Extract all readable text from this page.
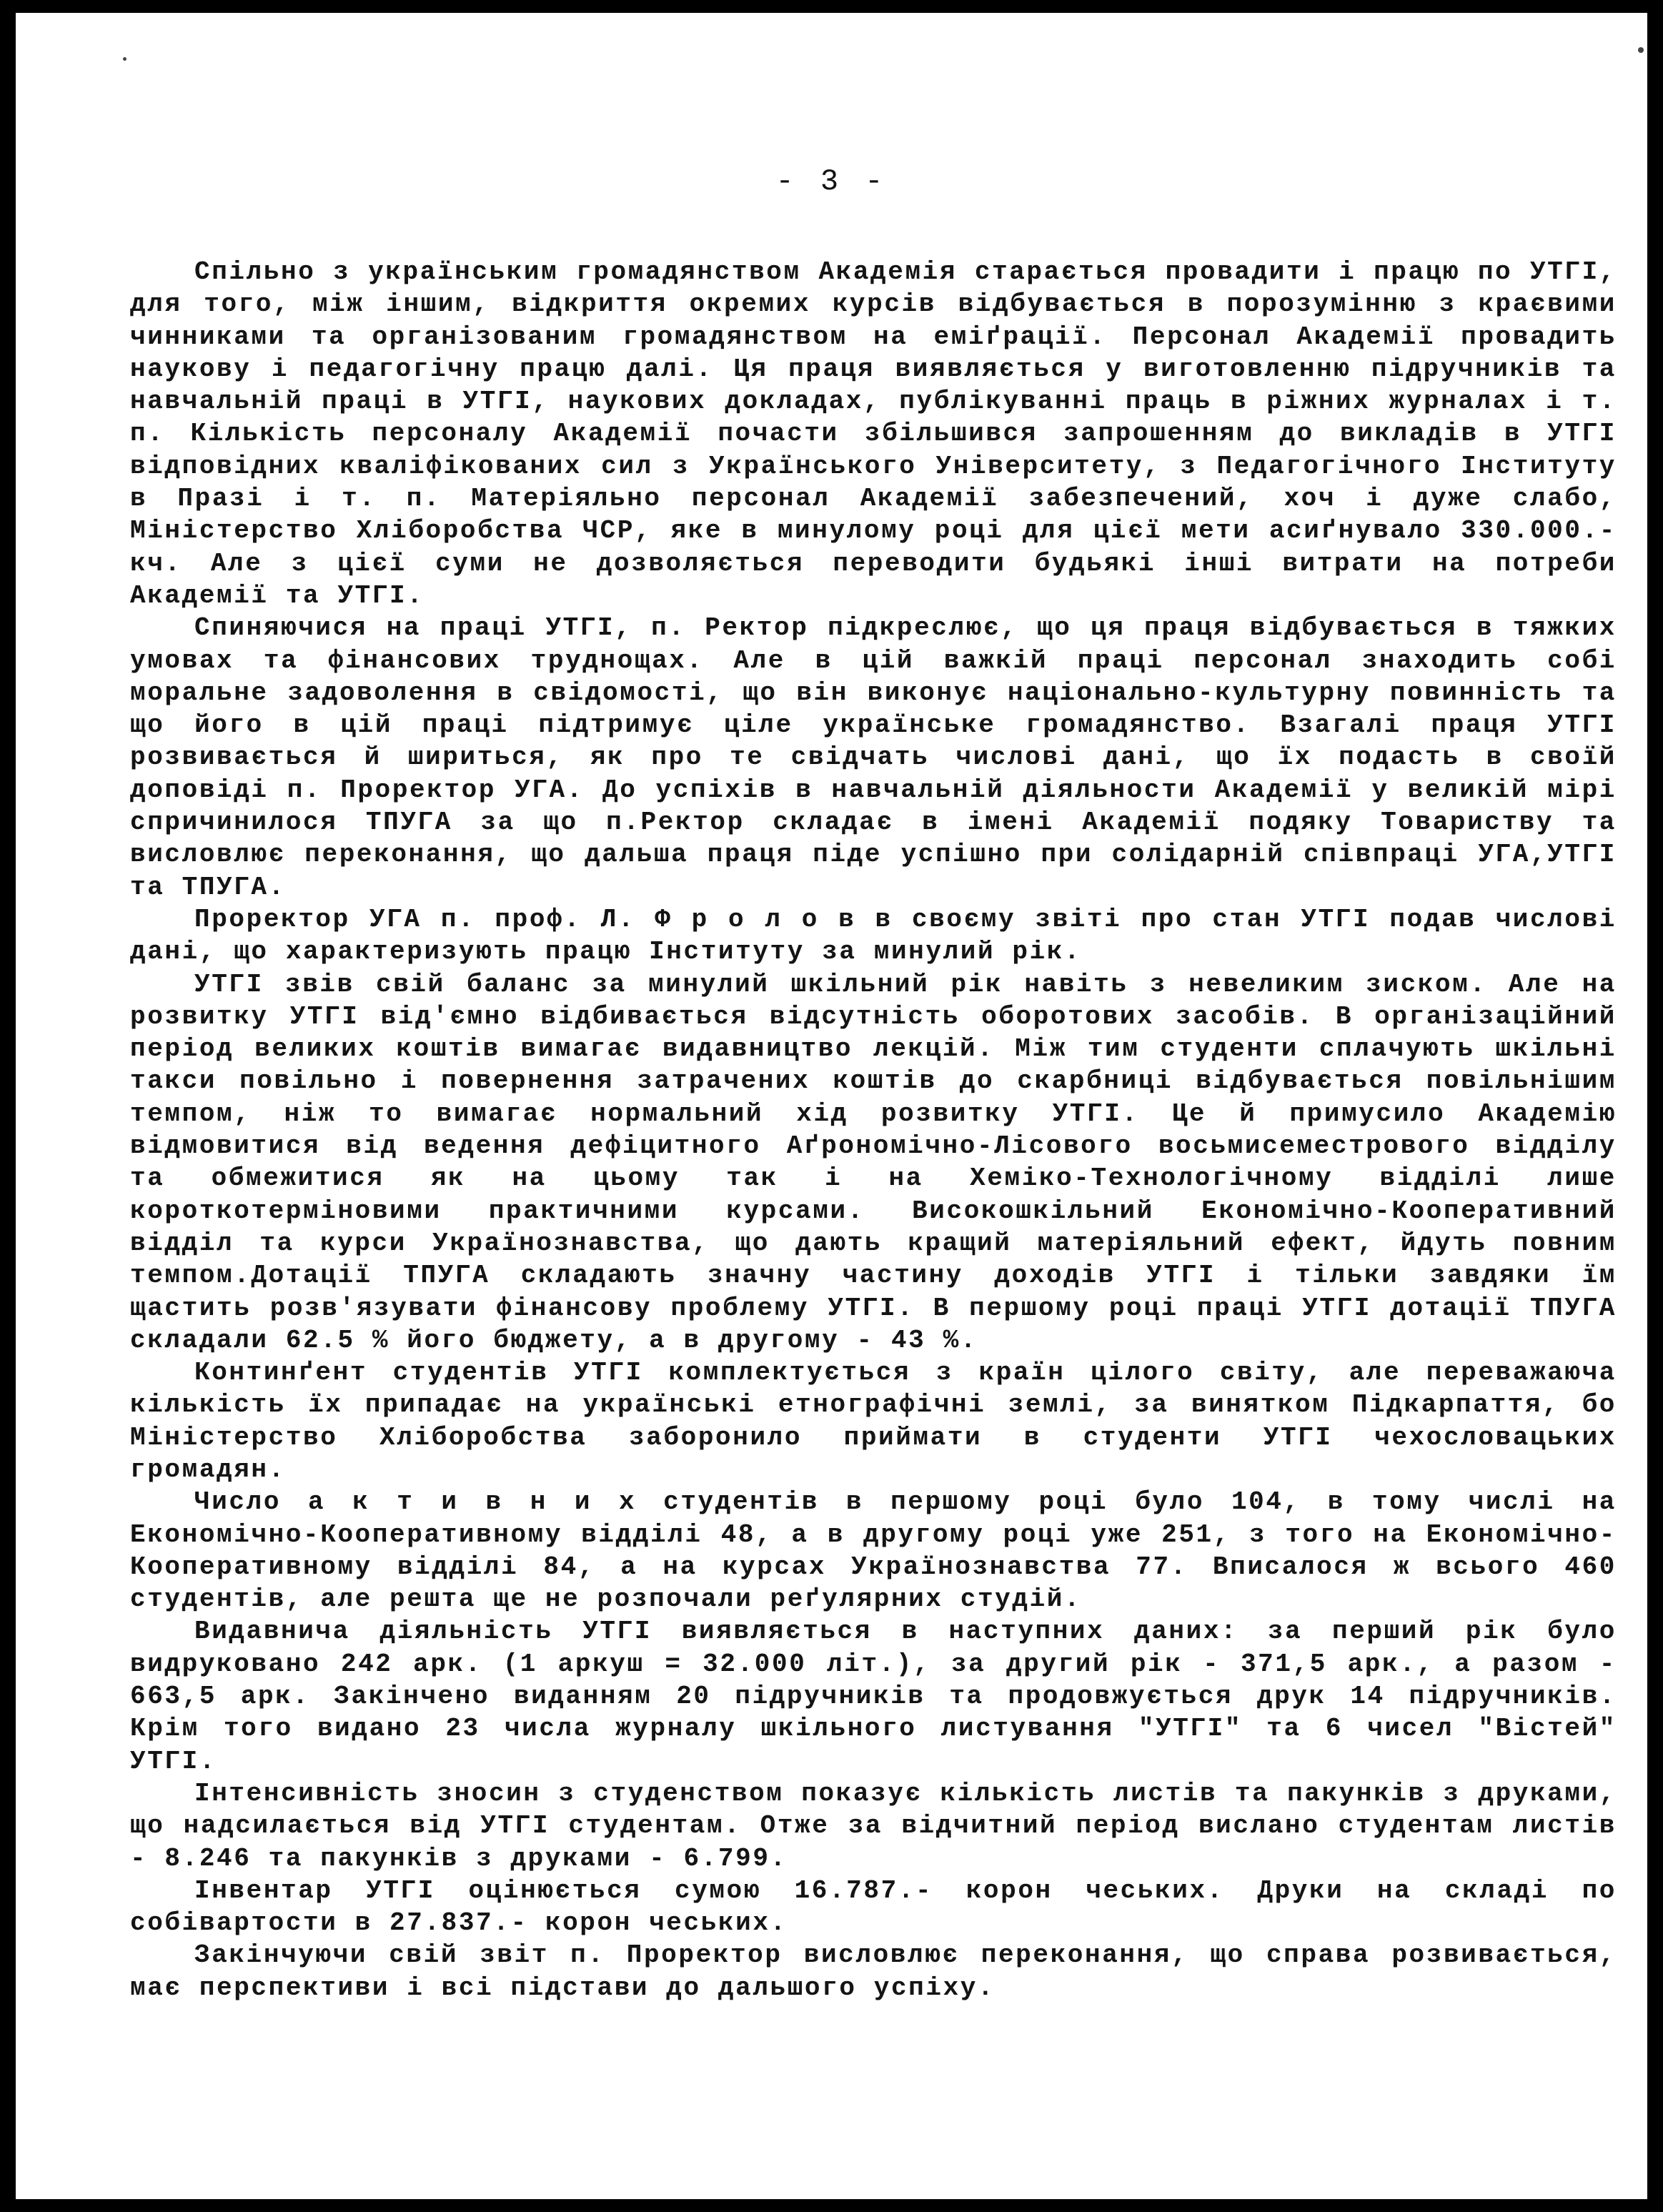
- 3 -

Спільно з українським громадянством Академія старається провадити і працю по УТГІ, для того, між іншим, відкриття окремих курсів відбувається в порозумінню з краєвими чинниками та організованим громадянством на еміґрації. Персонал Академії провадить наукову і педагогічну працю далі. Ця праця виявляється у виготовленню підручників та навчальній праці в УТГІ, наукових докладах, публікуванні праць в ріжних журналах і т. п. Кількість персоналу Академії почасти збільшився запрошенням до викладів в УТГІ відповідних кваліфікованих сил з Українського Університету, з Педагогічного Інституту в Празі і т. п. Матеріяльно персонал Академії забезпечений, хоч і дуже слабо, Міністерство Хліборобства ЧСР, яке в минулому році для цієї мети асиґнувало 330.000.- кч. Але з цієї суми не дозволяється переводити будьякі інші витрати на потреби Академії та УТГІ.

Спиняючися на праці УТГІ, п. Ректор підкреслює, що ця праця відбувається в тяжких умовах та фінансових труднощах. Але в цій важкій праці персонал знаходить собі моральне задоволення в свідомості, що він виконує національно-культурну повинність та що його в цій праці підтримує ціле українське громадянство. Взагалі праця УТГІ розвивається й шириться, як про те свідчать числові дані, що їх подасть в своїй доповіді п. Проректор УГА. До успіхів в навчальній діяльности Академії у великій мірі спричинилося ТПУГА за що п.Ректор складає в імені Академії подяку Товариству та висловлює переконання, що дальша праця піде успішно при солідарній співпраці УГА,УТГІ та ТПУГА.

Проректор УГА п. проф. Л. Ф р о л о в в своєму звіті про стан УТГІ подав числові дані, що характеризують працю Інституту за минулий рік.

УТГІ звів свій баланс за минулий шкільний рік навіть з невеликим зиском. Але на розвитку УТГІ від'ємно відбивається відсутність оборотових засобів. В організаційний період великих коштів вимагає видавництво лекцій. Між тим студенти сплачують шкільні такси повільно і повернення затрачених коштів до скарбниці відбувається повільнішим темпом, ніж то вимагає нормальний хід розвитку УТГІ. Це й примусило Академію відмовитися від ведення дефіцитного Аґрономічно-Лісового восьмисеместрового відділу та обмежитися як на цьому так і на Хеміко-Технологічному відділі лише короткотерміновими практичними курсами. Високошкільний Економічно-Кооперативний відділ та курси Українознавства, що дають кращий матеріяльний ефект, йдуть повним темпом.Дотації ТПУГА складають значну частину доходів УТГІ і тільки завдяки їм щастить розв'язувати фінансову проблему УТГІ. В першому році праці УТГІ дотації ТПУГА складали 62.5 % його бюджету, а в другому - 43 %.

Континґент студентів УТГІ комплектується з країн цілого світу, але переважаюча кількість їх припадає на українські етнографічні землі, за винятком Підкарпаття, бо Міністерство Хліборобства заборонило приймати в студенти УТГІ чехословацьких громадян.

Число а к т и в н и х студентів в першому році було 104, в тому числі на Економічно-Кооперативному відділі 48, а в другому році уже 251, з того на Економічно-Кооперативному відділі 84, а на курсах Українознавства 77. Вписалося ж всього 460 студентів, але решта ще не розпочали реґулярних студій.

Видавнича діяльність УТГІ виявляється в наступних даних: за перший рік було видруковано 242 арк. (1 аркуш = 32.000 літ.), за другий рік - 371,5 арк., а разом - 663,5 арк. Закінчено виданням 20 підручників та продовжується друк 14 підручників. Крім того видано 23 числа журналу шкільного листування "УТГІ" та 6 чисел "Вістей" УТГІ.

Інтенсивність зносин з студенством показує кількість листів та пакунків з друками, що надсилається від УТГІ студентам. Отже за відчитний період вислано студентам листів - 8.246 та пакунків з друками - 6.799.

Інвентар УТГІ оцінюється сумою 16.787.- корон чеських. Друки на складі по собівартости в 27.837.- корон чеських.

Закінчуючи свій звіт п. Проректор висловлює переконання, що справа розвивається, має перспективи і всі підстави до дальшого успіху.
